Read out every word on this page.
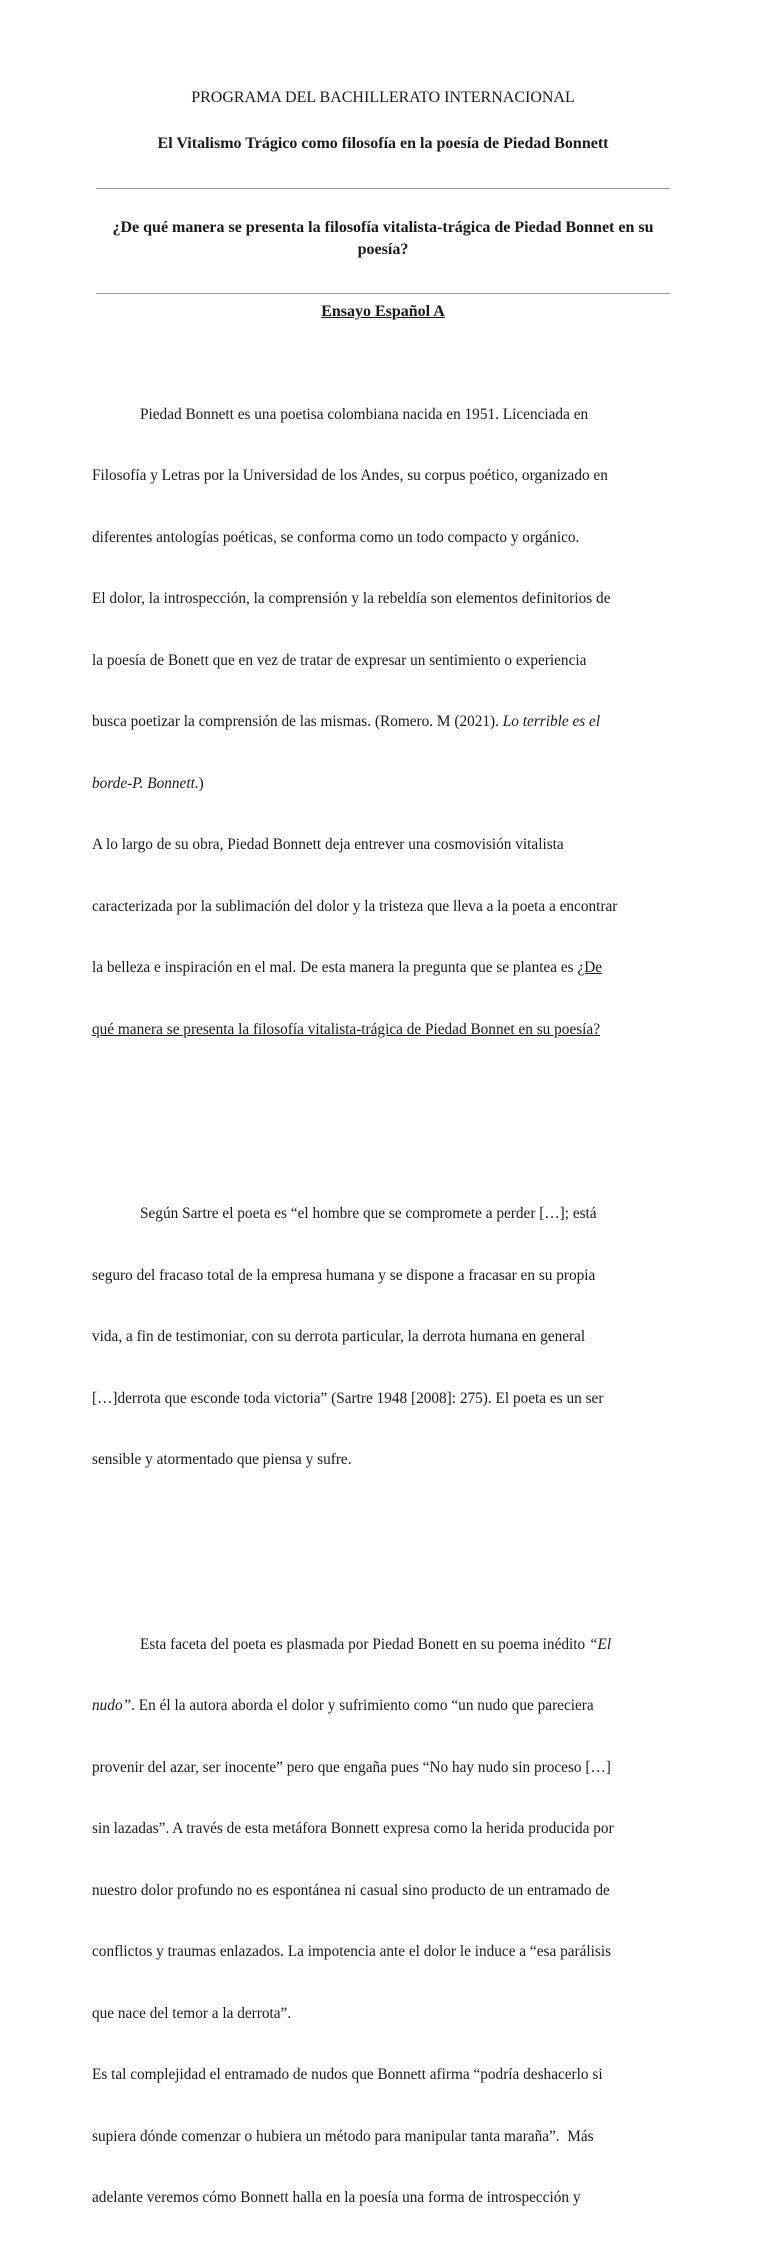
PROGRAMA DEL BACHILLERATO INTERNACIONAL
El Vitalismo Trágico como filosofía en la poesía de Piedad Bonnett
¿De qué manera se presenta la filosofía vitalista-trágica de Piedad Bonnet en su
poesía?
Ensayo Español A

Piedad Bonnett es una poetisa colombiana nacida en 1951. Licenciada en

Filosofía y Letras por la Universidad de los Andes, su corpus poético, organizado en

diferentes antologías poéticas, se conforma como un todo compacto y orgánico.

El dolor, la introspección, la comprensión y la rebeldía son elementos definitorios de

la poesía de Bonett que en vez de tratar de expresar un sentimiento o experiencia

busca poetizar la comprensión de las mismas. (Romero. M (2021). Lo terrible es el

borde-P. Bonnett.)

A lo largo de su obra, Piedad Bonnett deja entrever una cosmovisión vitalista

caracterizada por la sublimación del dolor y la tristeza que lleva a la poeta a encontrar

la belleza e inspiración en el mal. De esta manera la pregunta que se plantea es ¿De

qué manera se presenta la filosofía vitalista-trágica de Piedad Bonnet en su poesía?

Según Sartre el poeta es “el hombre que se compromete a perder […]; está

seguro del fracaso total de la empresa humana y se dispone a fracasar en su propia

vida, a fin de testimoniar, con su derrota particular, la derrota humana en general

[…]derrota que esconde toda victoria” (Sartre 1948 [2008]: 275). El poeta es un ser

sensible y atormentado que piensa y sufre.

Esta faceta del poeta es plasmada por Piedad Bonett en su poema inédito “El

nudo”. En él la autora aborda el dolor y sufrimiento como “un nudo que pareciera

provenir del azar, ser inocente” pero que engaña pues “No hay nudo sin proceso […]

sin lazadas”. A través de esta metáfora Bonnett expresa como la herida producida por

nuestro dolor profundo no es espontánea ni casual sino producto de un entramado de

conflictos y traumas enlazados. La impotencia ante el dolor le induce a “esa parálisis

que nace del temor a la derrota”.

Es tal complejidad el entramado de nudos que Bonnett afirma “podría deshacerlo si

supiera dónde comenzar o hubiera un método para manipular tanta maraña”.  Más

adelante veremos cómo Bonnett halla en la poesía una forma de introspección y
